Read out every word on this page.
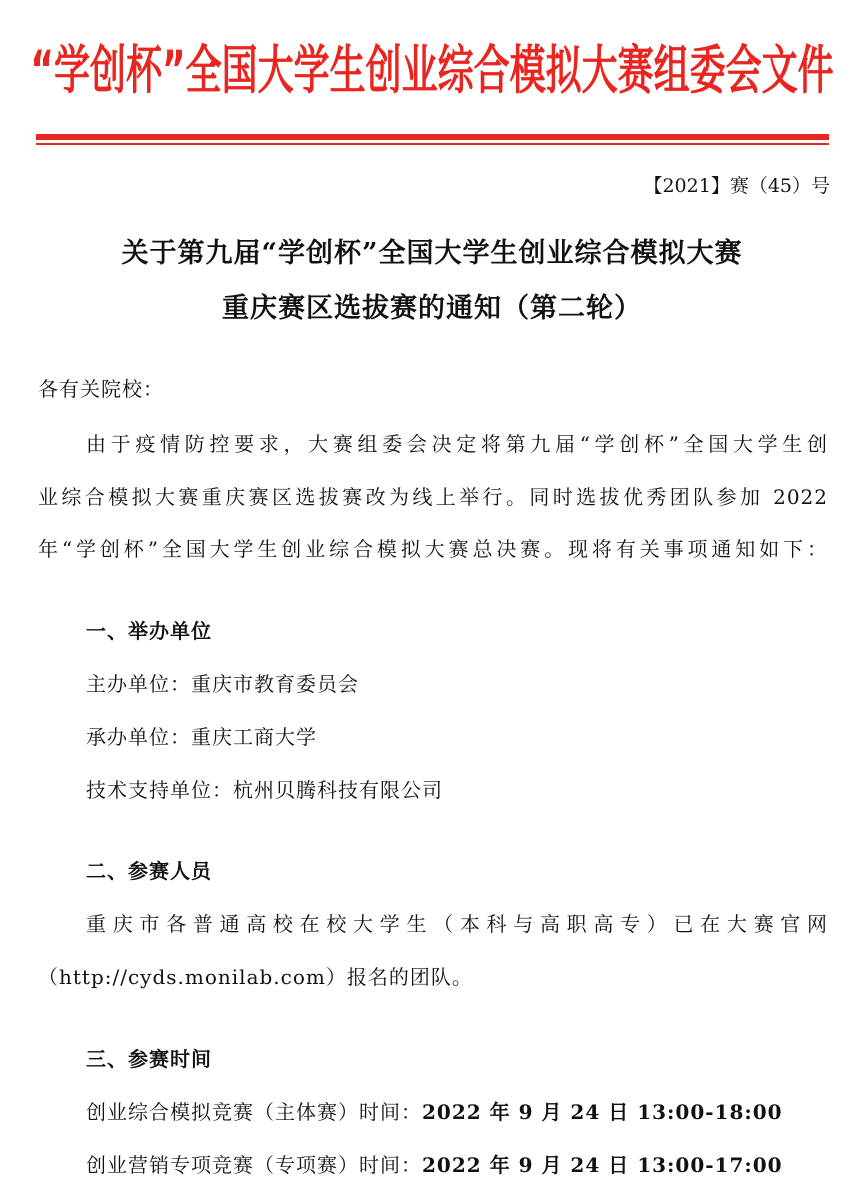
“学创杯”全国大学生创业综合模拟大赛组委会文件
【2021】赛（45）号
关于第九届“学创杯”全国大学生创业综合模拟大赛
重庆赛区选拔赛的通知（第二轮）
各有关院校：
由于疫情防控要求，大赛组委会决定将第九届“学创杯”全国大学生创
业综合模拟大赛重庆赛区选拔赛改为线上举行。同时选拔优秀团队参加 2022
年“学创杯”全国大学生创业综合模拟大赛总决赛。现将有关事项通知如下：
一、举办单位
主办单位：重庆市教育委员会
承办单位：重庆工商大学
技术支持单位：杭州贝腾科技有限公司
二、参赛人员
重庆市各普通高校在校大学生（本科与高职高专）已在大赛官网
（http://cyds.monilab.com）报名的团队。
三、参赛时间
创业综合模拟竞赛（主体赛）时间：2022 年 9 月 24 日 13:00-18:00
创业营销专项竞赛（专项赛）时间：2022 年 9 月 24 日 13:00-17:00
